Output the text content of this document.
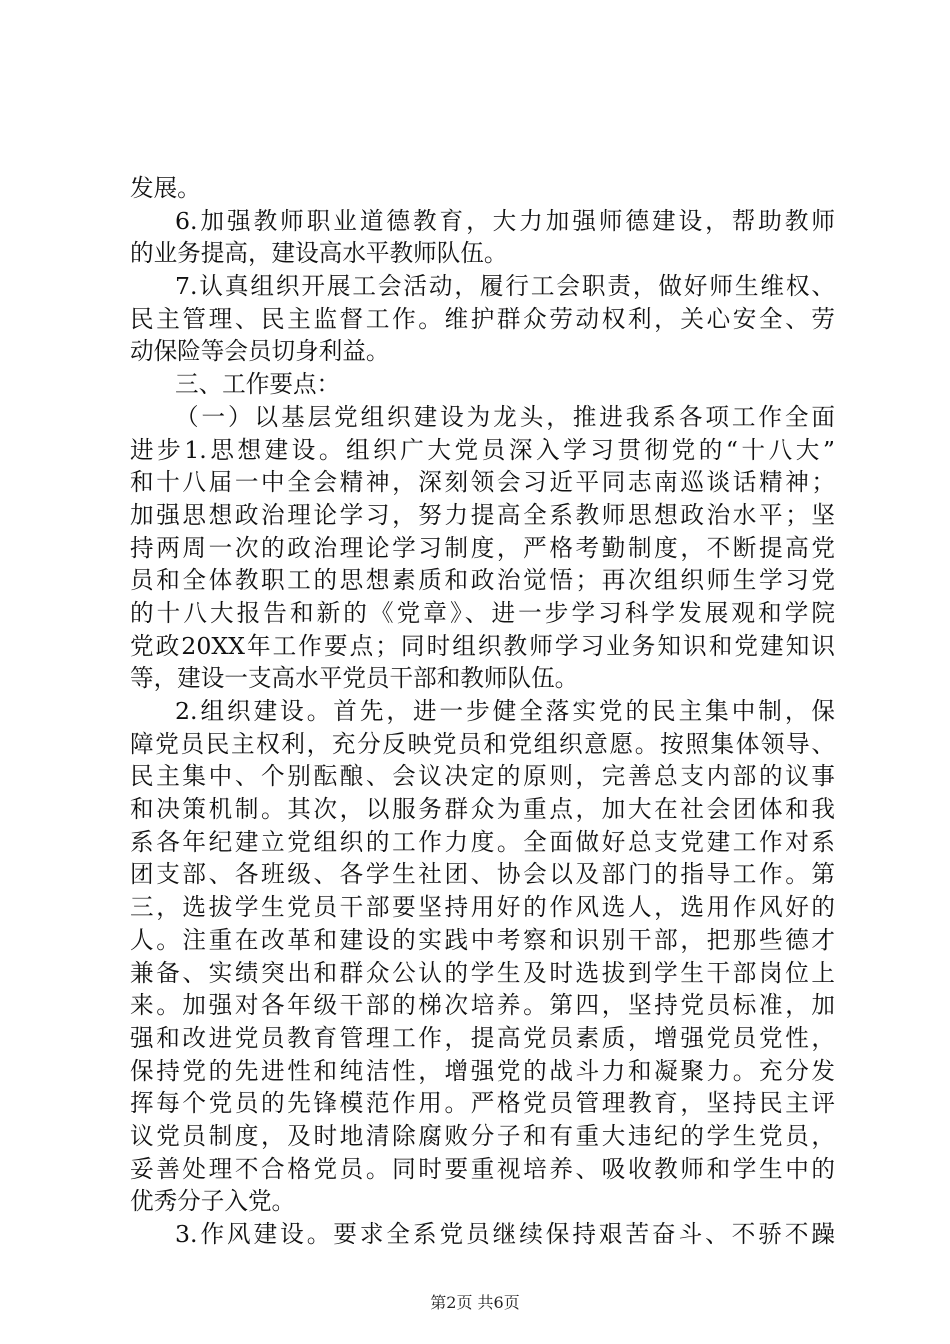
发展。
6.加强教师职业道德教育，大力加强师德建设，帮助教师
的业务提高，建设高水平教师队伍。
7.认真组织开展工会活动，履行工会职责，做好师生维权、
民主管理、民主监督工作。维护群众劳动权利，关心安全、劳
动保险等会员切身利益。
三、工作要点：
（一）以基层党组织建设为龙头，推进我系各项工作全面
进步1.思想建设。组织广大党员深入学习贯彻党的“十八大”
和十八届一中全会精神，深刻领会习近平同志南巡谈话精神；
加强思想政治理论学习，努力提高全系教师思想政治水平；坚
持两周一次的政治理论学习制度，严格考勤制度，不断提高党
员和全体教职工的思想素质和政治觉悟；再次组织师生学习党
的十八大报告和新的《党章》、进一步学习科学发展观和学院
党政20XX年工作要点；同时组织教师学习业务知识和党建知识
等，建设一支高水平党员干部和教师队伍。
2.组织建设。首先，进一步健全落实党的民主集中制，保
障党员民主权利，充分反映党员和党组织意愿。按照集体领导、
民主集中、个别酝酿、会议决定的原则，完善总支内部的议事
和决策机制。其次，以服务群众为重点，加大在社会团体和我
系各年纪建立党组织的工作力度。全面做好总支党建工作对系
团支部、各班级、各学生社团、协会以及部门的指导工作。第
三，选拔学生党员干部要坚持用好的作风选人，选用作风好的
人。注重在改革和建设的实践中考察和识别干部，把那些德才
兼备、实绩突出和群众公认的学生及时选拔到学生干部岗位上
来。加强对各年级干部的梯次培养。第四，坚持党员标准，加
强和改进党员教育管理工作，提高党员素质，增强党员党性，
保持党的先进性和纯洁性，增强党的战斗力和凝聚力。充分发
挥每个党员的先锋模范作用。严格党员管理教育，坚持民主评
议党员制度，及时地清除腐败分子和有重大违纪的学生党员，
妥善处理不合格党员。同时要重视培养、吸收教师和学生中的
优秀分子入党。
3.作风建设。要求全系党员继续保持艰苦奋斗、不骄不躁
第2页 共6页
